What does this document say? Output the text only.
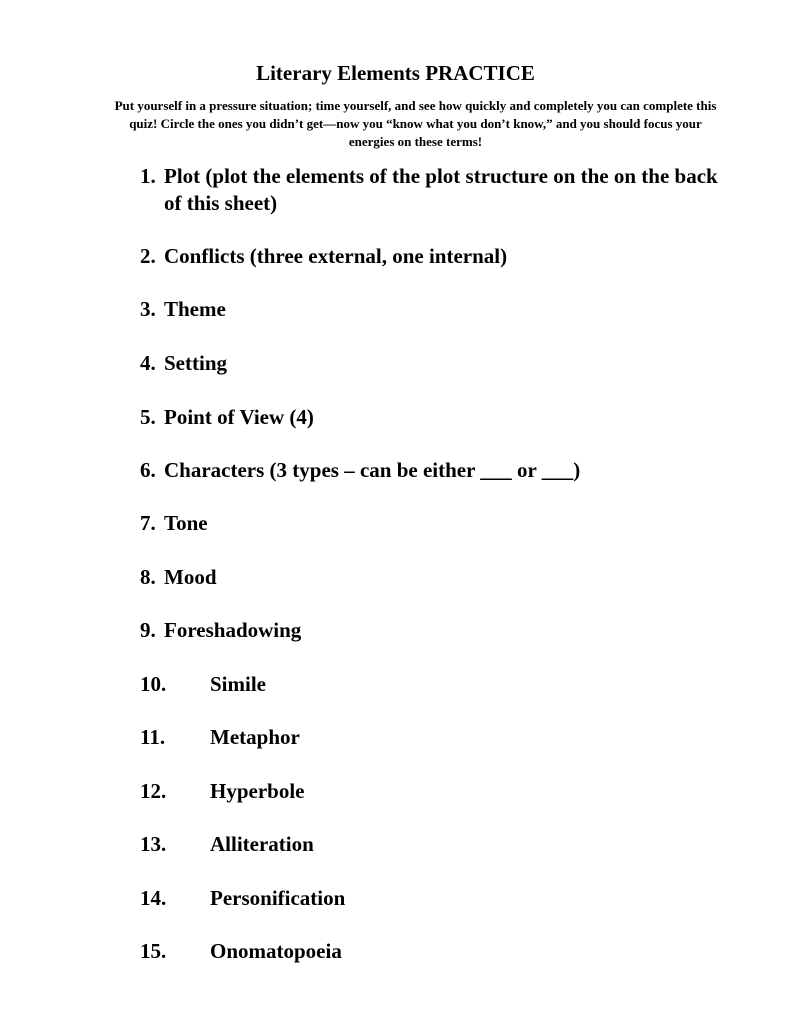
Literary Elements PRACTICE
Put yourself in a pressure situation; time yourself, and see how quickly and completely you can complete this quiz! Circle the ones you didn’t get—now you “know what you don’t know,” and you should focus your energies on these terms!
1. Plot (plot the elements of the plot structure on the on the back of this sheet)
2. Conflicts (three external, one internal)
3. Theme
4. Setting
5. Point of View (4)
6. Characters (3 types – can be either ___ or ___)
7. Tone
8. Mood
9. Foreshadowing
10.	Simile
11.	Metaphor
12.	Hyperbole
13.	Alliteration
14.	Personification
15.	Onomatopoeia
